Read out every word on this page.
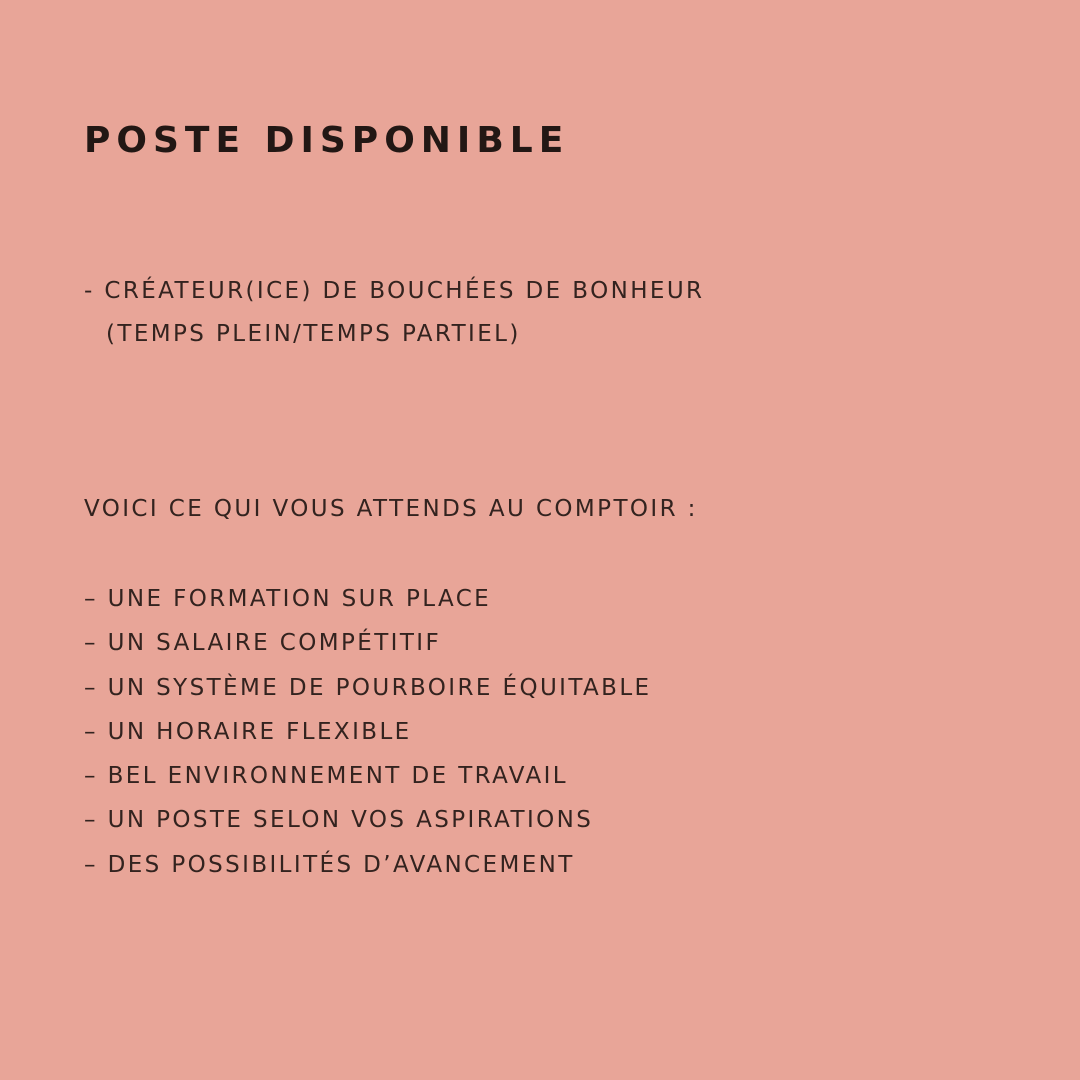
POSTE DISPONIBLE
- CRÉATEUR(ICE) DE BOUCHÉES DE BONHEUR
(TEMPS PLEIN/TEMPS PARTIEL)
VOICI CE QUI VOUS ATTENDS AU COMPTOIR :
– UNE FORMATION SUR PLACE
– UN SALAIRE COMPÉTITIF
– UN SYSTÈME DE POURBOIRE ÉQUITABLE
– UN HORAIRE FLEXIBLE
– BEL ENVIRONNEMENT DE TRAVAIL
– UN POSTE SELON VOS ASPIRATIONS
– DES POSSIBILITÉS D’AVANCEMENT
